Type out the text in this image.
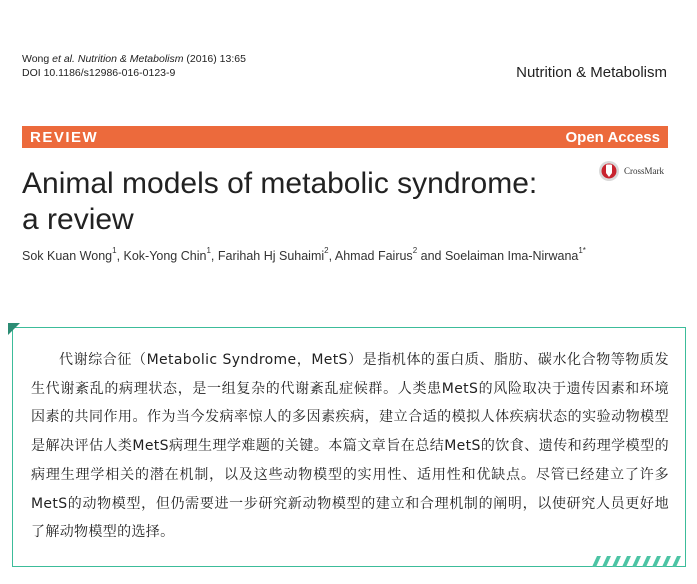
Wong et al. Nutrition & Metabolism (2016) 13:65
DOI 10.1186/s12986-016-0123-9	Nutrition & Metabolism
REVIEW	Open Access
Animal models of metabolic syndrome:
a review
CrossMark
Sok Kuan Wong$^1$, Kok-Yong Chin$^1$, Farihah Hj Suhaimi$^2$, Ahmad Fairus$^2$ and Soelaiman Ima-Nirwana$^{1*}$

代谢综合征（Metabolic Syndrome，MetS）是指机体的蛋白质、脂肪、碳水化合物等物质发生代谢紊乱的病理状态，是一组复杂的代谢紊乱症候群。人类患MetS的风险取决于遗传因素和环境因素的共同作用。作为当今发病率惊人的多因素疾病，建立合适的模拟人体疾病状态的实验动物模型是解决评估人类MetS病理生理学难题的关键。本篇文章旨在总结MetS的饮食、遗传和药理学模型的病理生理学相关的潜在机制，以及这些动物模型的实用性、适用性和优缺点。尽管已经建立了许多MetS的动物模型，但仍需要进一步研究新动物模型的建立和合理机制的阐明，以使研究人员更好地了解动物模型的选择。
